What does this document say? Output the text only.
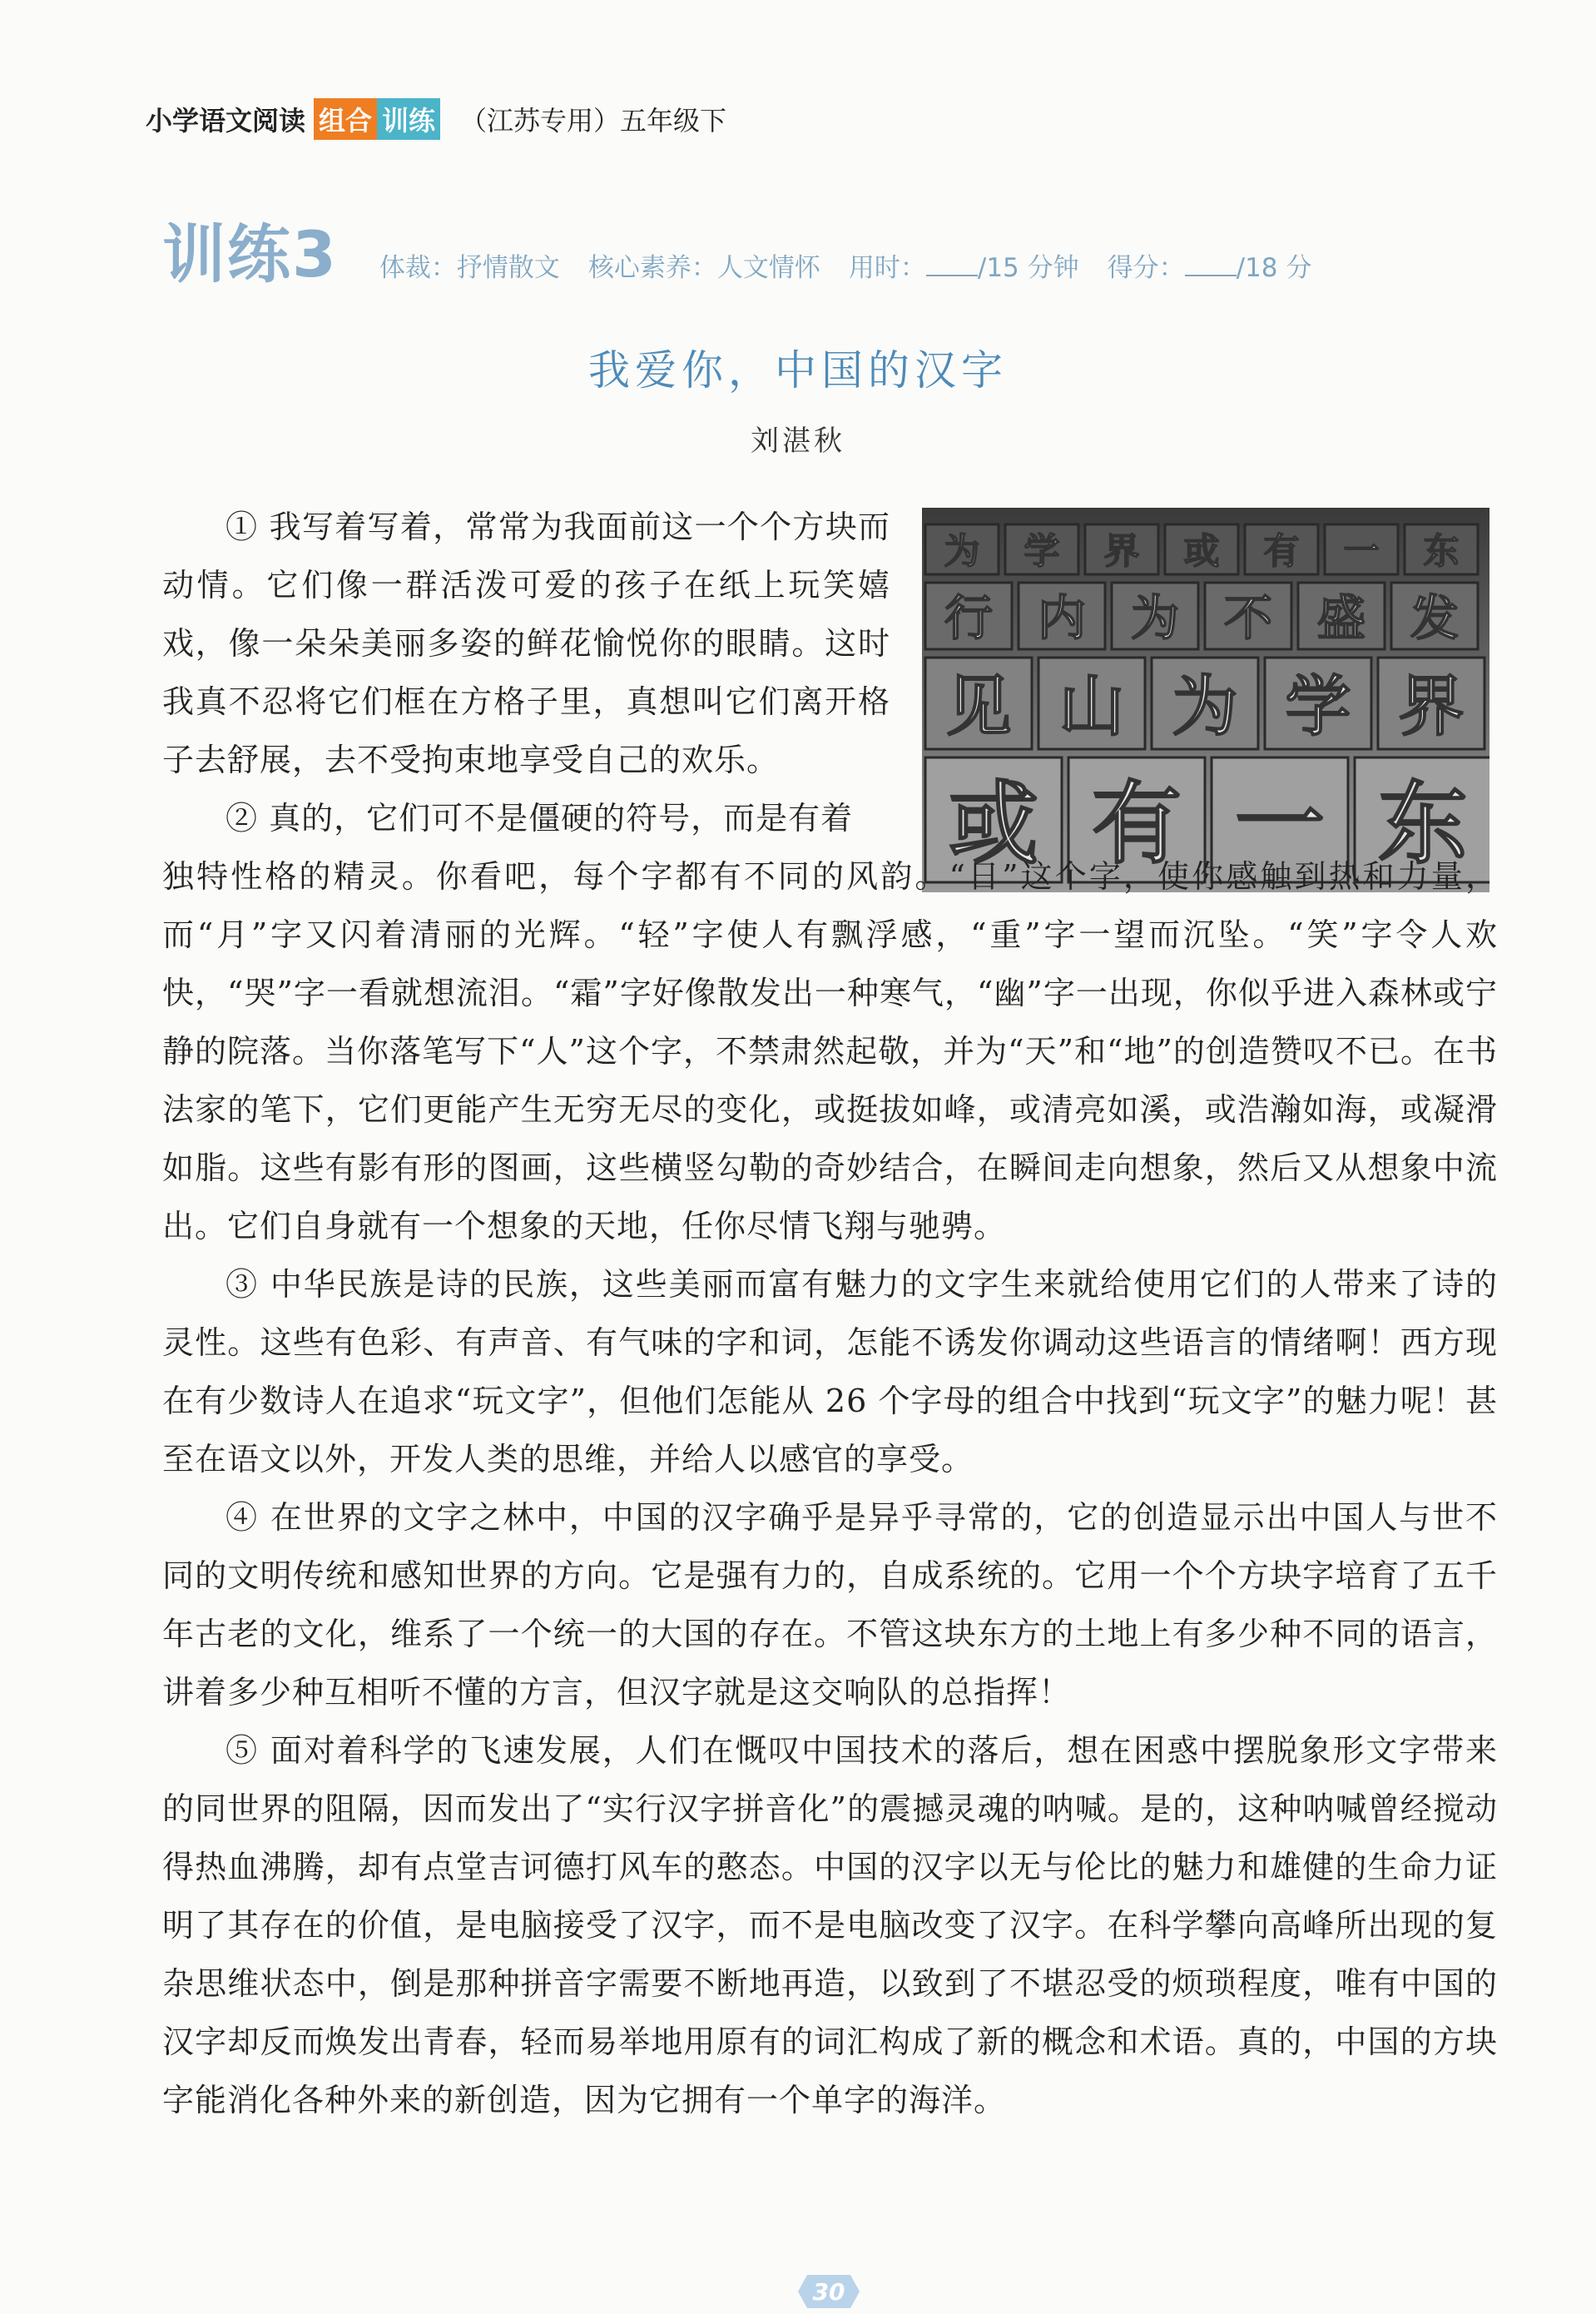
小学语文阅读 组合 训练 （江苏专用）五年级下
训练3 体裁：抒情散文 核心素养：人文情怀 用时： /15 分钟 得分： /18 分
我爱你，中国的汉字
刘湛秋
为 学 界 或 有 一 东
行 内 为 不 盛 发
见 山 为 学 界
或 有 一 东

① 我写着写着，常常为我面前这一个个方块而动情。它们像一群活泼可爱的孩子在纸上玩笑嬉戏，像一朵朵美丽多姿的鲜花愉悦你的眼睛。这时我真不忍将它们框在方格子里，真想叫它们离开格子去舒展，去不受拘束地享受自己的欢乐。

② 真的，它们可不是僵硬的符号，而是有着

独特性格的精灵。你看吧，每个字都有不同的风韵。“日”这个字，使你感触到热和力量，而“月”字又闪着清丽的光辉。“轻”字使人有飘浮感，“重”字一望而沉坠。“笑”字令人欢快，“哭”字一看就想流泪。“霜”字好像散发出一种寒气，“幽”字一出现，你似乎进入森林或宁静的院落。当你落笔写下“人”这个字，不禁肃然起敬，并为“天”和“地”的创造赞叹不已。在书法家的笔下，它们更能产生无穷无尽的变化，或挺拔如峰，或清亮如溪，或浩瀚如海，或凝滑如脂。这些有影有形的图画，这些横竖勾勒的奇妙结合，在瞬间走向想象，然后又从想象中流出。它们自身就有一个想象的天地，任你尽情飞翔与驰骋。

③ 中华民族是诗的民族，这些美丽而富有魅力的文字生来就给使用它们的人带来了诗的灵性。这些有色彩、有声音、有气味的字和词，怎能不诱发你调动这些语言的情绪啊！西方现在有少数诗人在追求“玩文字”，但他们怎能从 26 个字母的组合中找到“玩文字”的魅力呢！甚至在语文以外，开发人类的思维，并给人以感官的享受。

④ 在世界的文字之林中，中国的汉字确乎是异乎寻常的，它的创造显示出中国人与世不同的文明传统和感知世界的方向。它是强有力的，自成系统的。它用一个个方块字培育了五千年古老的文化，维系了一个统一的大国的存在。不管这块东方的土地上有多少种不同的语言，讲着多少种互相听不懂的方言，但汉字就是这交响队的总指挥！

⑤ 面对着科学的飞速发展，人们在慨叹中国技术的落后，想在困惑中摆脱象形文字带来的同世界的阻隔，因而发出了“实行汉字拼音化”的震撼灵魂的呐喊。是的，这种呐喊曾经搅动得热血沸腾，却有点堂吉诃德打风车的憨态。中国的汉字以无与伦比的魅力和雄健的生命力证明了其存在的价值，是电脑接受了汉字，而不是电脑改变了汉字。在科学攀向高峰所出现的复杂思维状态中，倒是那种拼音字需要不断地再造，以致到了不堪忍受的烦琐程度，唯有中国的汉字却反而焕发出青春，轻而易举地用原有的词汇构成了新的概念和术语。真的，中国的方块字能消化各种外来的新创造，因为它拥有一个单字的海洋。

30
